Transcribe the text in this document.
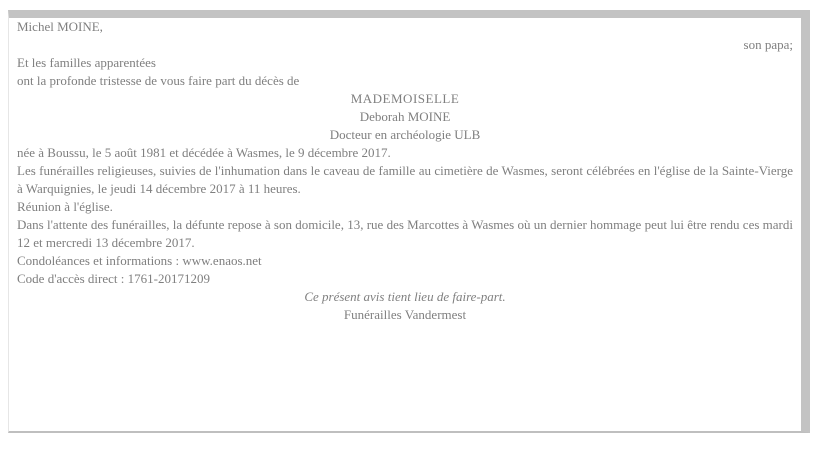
Michel MOINE,

son papa;

Et les familles apparentées

ont la profonde tristesse de vous faire part du décès de

MADEMOISELLE

Deborah MOINE

Docteur en archéologie ULB

née à Boussu, le 5 août 1981 et décédée à Wasmes, le 9 décembre 2017.

Les funérailles religieuses, suivies de l'inhumation dans le caveau de famille au cimetière de Wasmes, seront célébrées en l'église de la Sainte-Vierge à Warquignies, le jeudi 14 décembre 2017 à 11 heures.

Réunion à l'église.

Dans l'attente des funérailles, la défunte repose à son domicile, 13, rue des Marcottes à Wasmes où un dernier hommage peut lui être rendu ces mardi 12 et mercredi 13 décembre 2017.

Condoléances et informations : www.enaos.net

Code d'accès direct : 1761-20171209

Ce présent avis tient lieu de faire-part.

Funérailles Vandermest
